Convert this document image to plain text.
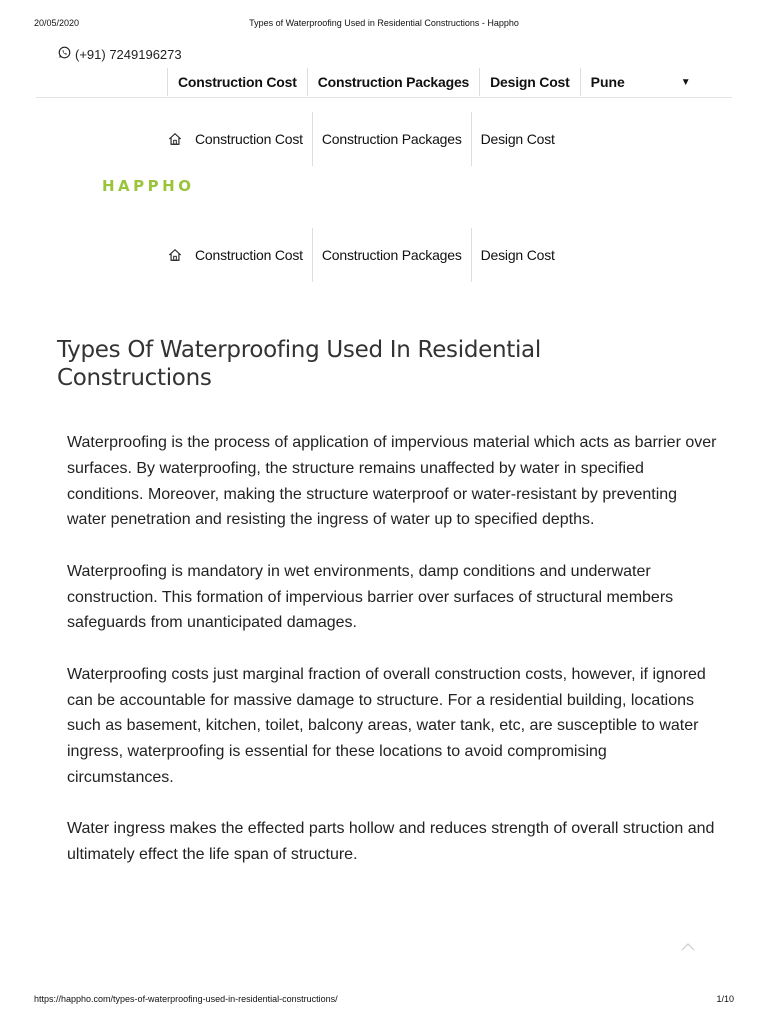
20/05/2020	Types of Waterproofing Used in Residential Constructions - Happho
(+91) 7249196273
Construction Cost	Construction Packages	Design Cost	Pune	▼
Construction Cost	Construction Packages	Design Cost
HAPPHO
Construction Cost	Construction Packages	Design Cost
Types Of Waterproofing Used In Residential Constructions

Waterproofing is the process of application of impervious material which acts as barrier over surfaces. By waterproofing, the structure remains unaffected by water in specified conditions. Moreover, making the structure waterproof or water-resistant by preventing water penetration and resisting the ingress of water up to specified depths.

Waterproofing is mandatory in wet environments, damp conditions and underwater construction. This formation of impervious barrier over surfaces of structural members safeguards from unanticipated damages.

Waterproofing costs just marginal fraction of overall construction costs, however, if ignored can be accountable for massive damage to structure. For a residential building, locations such as basement, kitchen, toilet, balcony areas, water tank, etc, are susceptible to water ingress, waterproofing is essential for these locations to avoid compromising circumstances.

Water ingress makes the effected parts hollow and reduces strength of overall struction and ultimately effect the life span of structure.

https://happho.com/types-of-waterproofing-used-in-residential-constructions/	1/10
